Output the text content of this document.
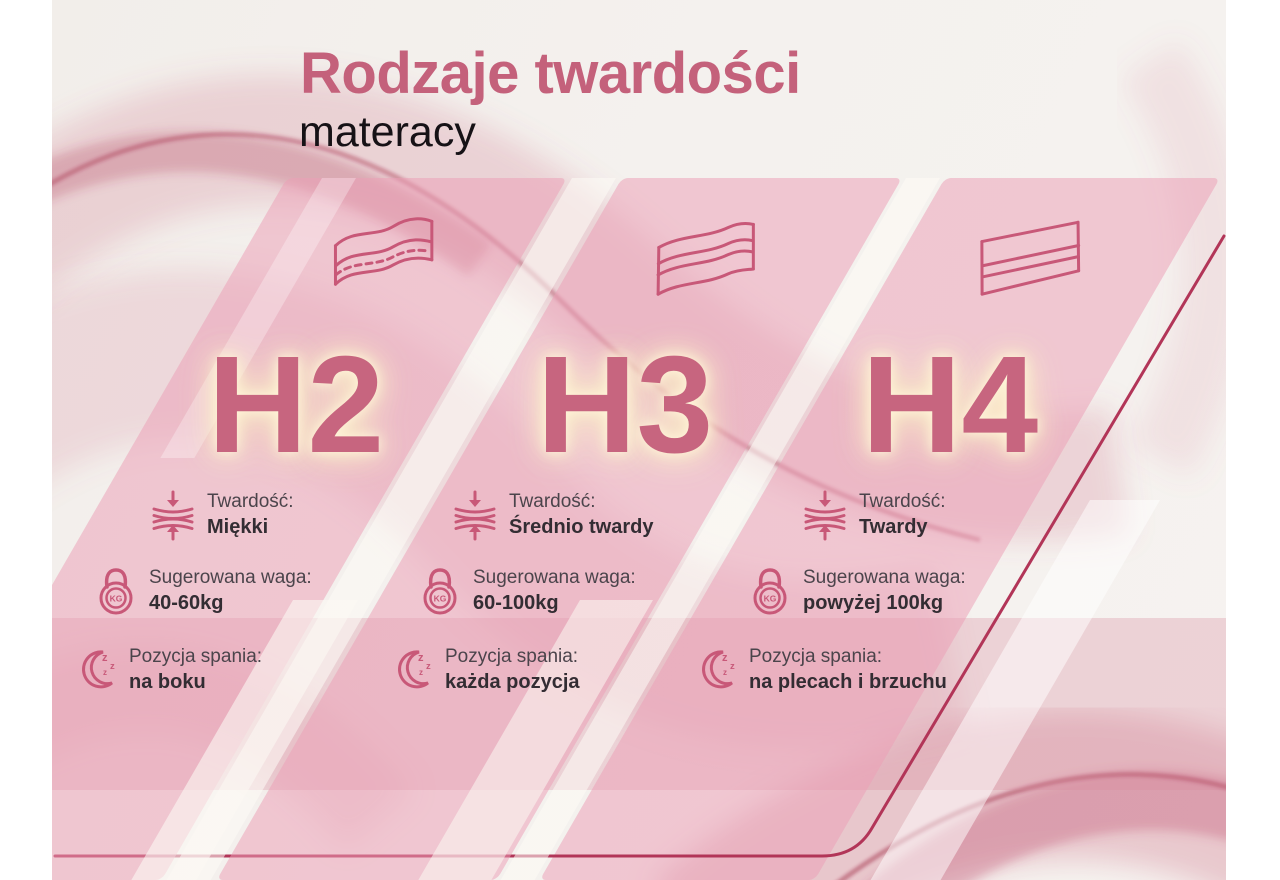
Rodzaje twardości
materacy
H2 H3 H4
Twardość:
Miękki
KG
Sugerowana waga:
40-60kg
z
z
z
Pozycja spania:
na boku
Twardość:
Średnio twardy
KG
Sugerowana waga:
60-100kg
z
z
z
Pozycja spania:
każda pozycja
Twardość:
Twardy
KG
Sugerowana waga:
powyżej 100kg
z
z
z
Pozycja spania:
na plecach i brzuchu
